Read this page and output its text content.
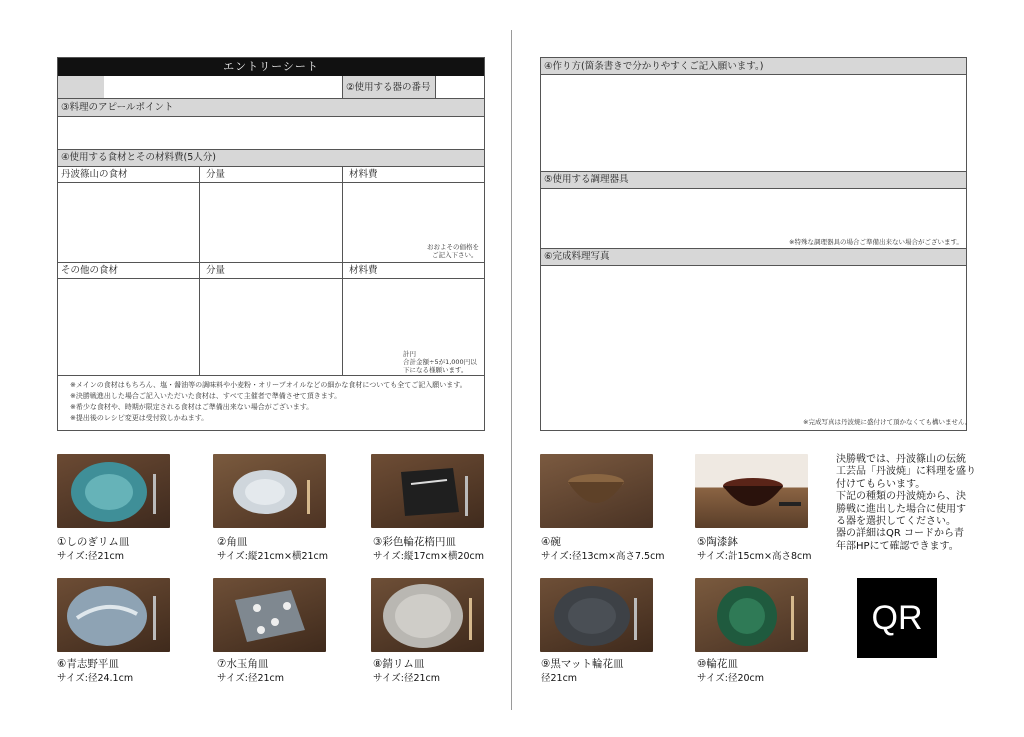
エントリーシート
②使用する器の番号
③料理のアピールポイント
④使用する食材とその材料費(5人分)
丹波篠山の食材	分量	材料費
おおよその価格を
ご記入下さい。
その他の食材	分量	材料費
計円
合計金額÷5が1,000円以
下になる様願います。
※メインの食材はもちろん、塩・醤油等の調味料や小麦粉・オリーブオイルなどの細かな食材についても全てご記入願います。
※決勝戦進出した場合ご記入いただいた食材は、すべて主催者で準備させて頂きます。
※希少な食材や、時期が限定される食材はご準備出来ない場合がございます。
※提出後のレシピ変更は受付致しかねます。
④作り方(箇条書きで分かりやすくご記入願います。)
⑤使用する調理器具
※特殊な調理器具の場合ご準備出来ない場合がございます。
⑥完成料理写真
※完成写真は丹波焼に盛付けて頂かなくても構いません。
①しのぎリム皿
サイズ:径21cm
②角皿
サイズ:縦21cm×横21cm
③彩色輪花楕円皿
サイズ:縦17cm×横20cm
④碗
サイズ:径13cm×高さ7.5cm
⑤陶漆鉢
サイズ:計15cm×高さ8cm
⑥青志野平皿
サイズ:径24.1cm
⑦水玉角皿
サイズ:径21cm
⑧錆リム皿
サイズ:径21cm
⑨黒マット輪花皿
径21cm
⑩輪花皿
サイズ:径20cm
決勝戦では、丹波篠山の伝統
工芸品「丹波焼」に料理を盛り
付けてもらいます。
下記の種類の丹波焼から、決
勝戦に進出した場合に使用す
る器を選択してください。
器の詳細はQR コードから青
年部HPにて確認できます。
QR
